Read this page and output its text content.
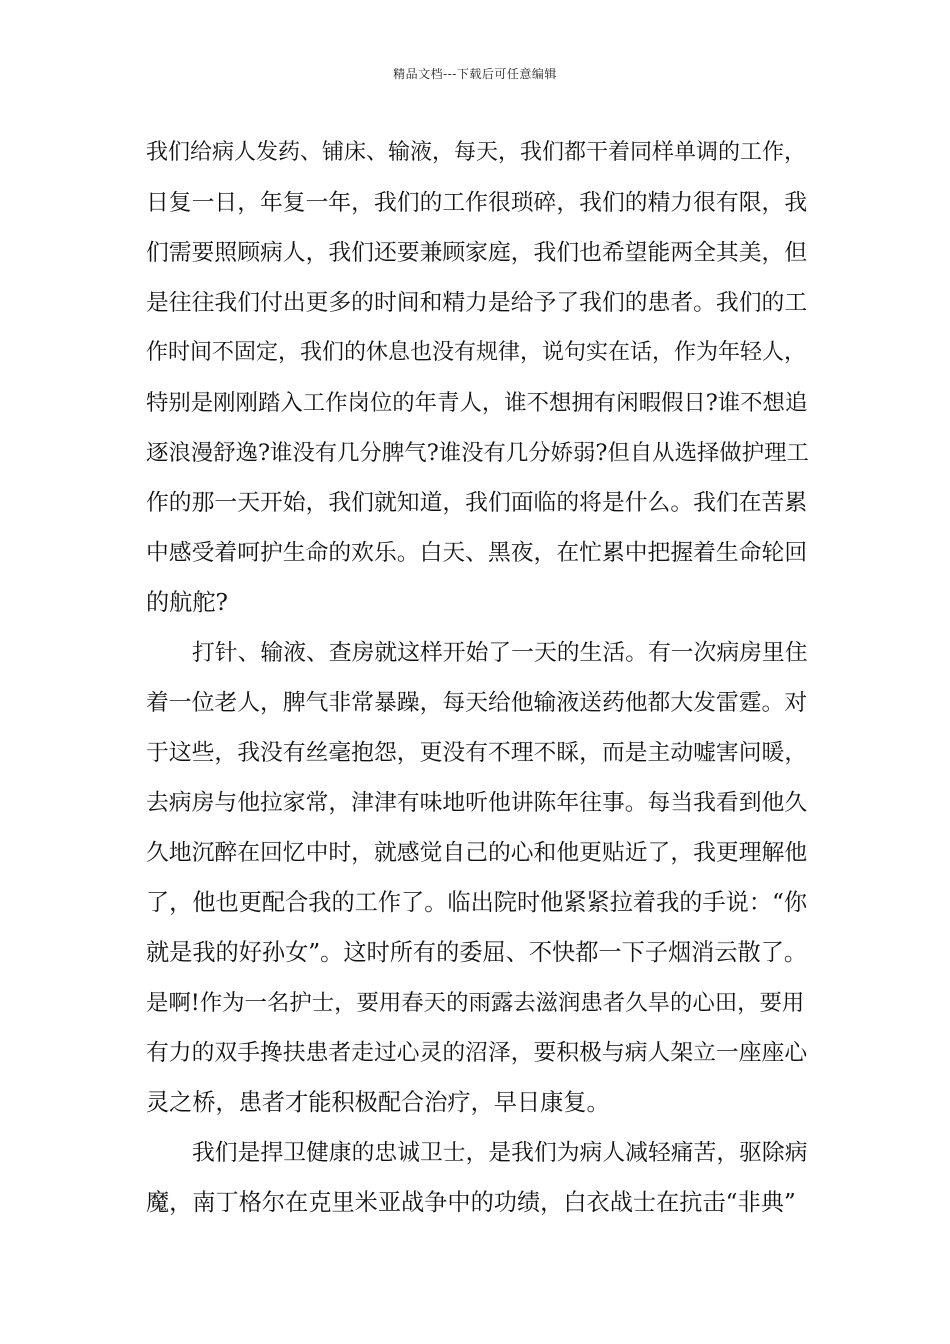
精品文档---下载后可任意编辑
我们给病人发药、铺床、输液，每天，我们都干着同样单调的工作，
日复一日，年复一年，我们的工作很琐碎，我们的精力很有限，我
们需要照顾病人，我们还要兼顾家庭，我们也希望能两全其美，但
是往往我们付出更多的时间和精力是给予了我们的患者。我们的工
作时间不固定，我们的休息也没有规律，说句实在话，作为年轻人，
特别是刚刚踏入工作岗位的年青人，谁不想拥有闲暇假日?谁不想追
逐浪漫舒逸?谁没有几分脾气?谁没有几分娇弱?但自从选择做护理工
作的那一天开始，我们就知道，我们面临的将是什么。我们在苦累
中感受着呵护生命的欢乐。白天、黑夜，在忙累中把握着生命轮回
的航舵?
打针、输液、查房就这样开始了一天的生活。有一次病房里住
着一位老人，脾气非常暴躁，每天给他输液送药他都大发雷霆。对
于这些，我没有丝毫抱怨，更没有不理不睬，而是主动嘘害问暖，
去病房与他拉家常，津津有味地听他讲陈年往事。每当我看到他久
久地沉醉在回忆中时，就感觉自己的心和他更贴近了，我更理解他
了，他也更配合我的工作了。临出院时他紧紧拉着我的手说：“你
就是我的好孙女”。这时所有的委屈、不快都一下子烟消云散了。
是啊!作为一名护士，要用春天的雨露去滋润患者久旱的心田，要用
有力的双手搀扶患者走过心灵的沼泽，要积极与病人架立一座座心
灵之桥，患者才能积极配合治疗，早日康复。
我们是捍卫健康的忠诚卫士，是我们为病人减轻痛苦，驱除病
魔，南丁格尔在克里米亚战争中的功绩，白衣战士在抗击“非典”
